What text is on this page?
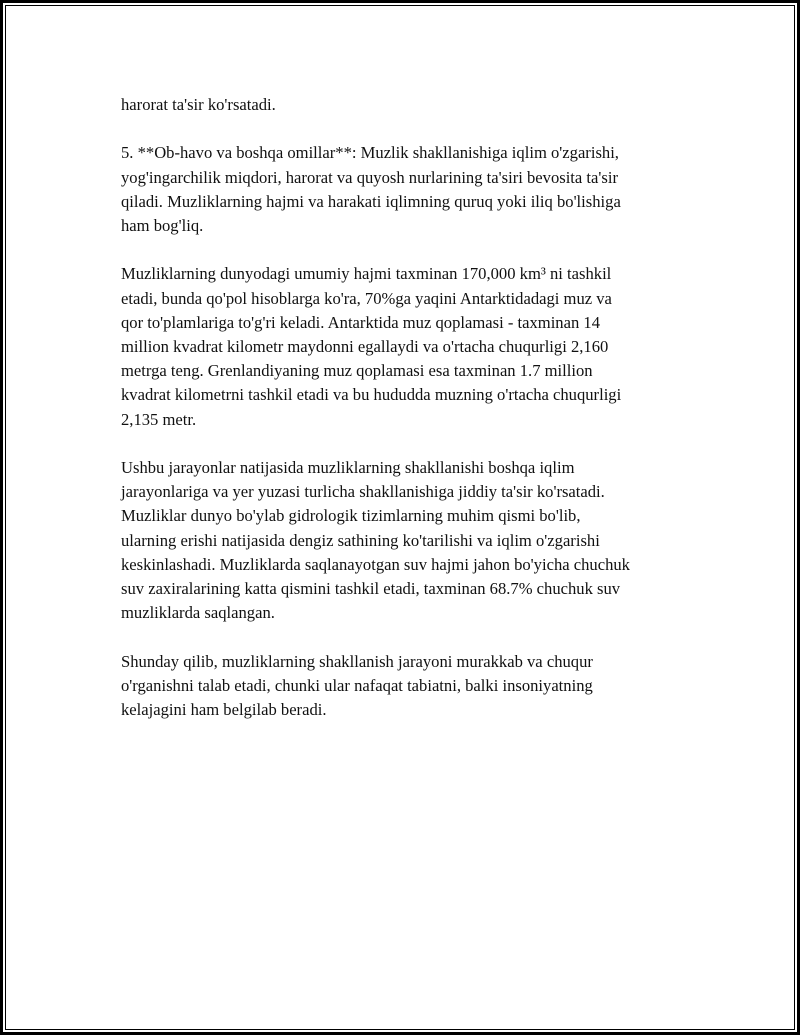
harorat ta'sir ko'rsatadi.

5. **Ob-havo va boshqa omillar**: Muzlik shakllanishiga iqlim o'zgarishi,
yog'ingarchilik miqdori, harorat va quyosh nurlarining ta'siri bevosita ta'sir
qiladi. Muzliklarning hajmi va harakati iqlimning quruq yoki iliq bo'lishiga
ham bog'liq.

Muzliklarning dunyodagi umumiy hajmi taxminan 170,000 km³ ni tashkil
etadi, bunda qo'pol hisoblarga ko'ra, 70%ga yaqini Antarktidadagi muz va
qor to'plamlariga to'g'ri keladi. Antarktida muz qoplamasi - taxminan 14
million kvadrat kilometr maydonni egallaydi va o'rtacha chuqurligi 2,160
metrga teng. Grenlandiyaning muz qoplamasi esa taxminan 1.7 million
kvadrat kilometrni tashkil etadi va bu hududda muzning o'rtacha chuqurligi
2,135 metr.

Ushbu jarayonlar natijasida muzliklarning shakllanishi boshqa iqlim
jarayonlariga va yer yuzasi turlicha shakllanishiga jiddiy ta'sir ko'rsatadi.
Muzliklar dunyo bo'ylab gidrologik tizimlarning muhim qismi bo'lib,
ularning erishi natijasida dengiz sathining ko'tarilishi va iqlim o'zgarishi
keskinlashadi. Muzliklarda saqlanayotgan suv hajmi jahon bo'yicha chuchuk
suv zaxiralarining katta qismini tashkil etadi, taxminan 68.7% chuchuk suv
muzliklarda saqlangan.

Shunday qilib, muzliklarning shakllanish jarayoni murakkab va chuqur
o'rganishni talab etadi, chunki ular nafaqat tabiatni, balki insoniyatning
kelajagini ham belgilab beradi.
